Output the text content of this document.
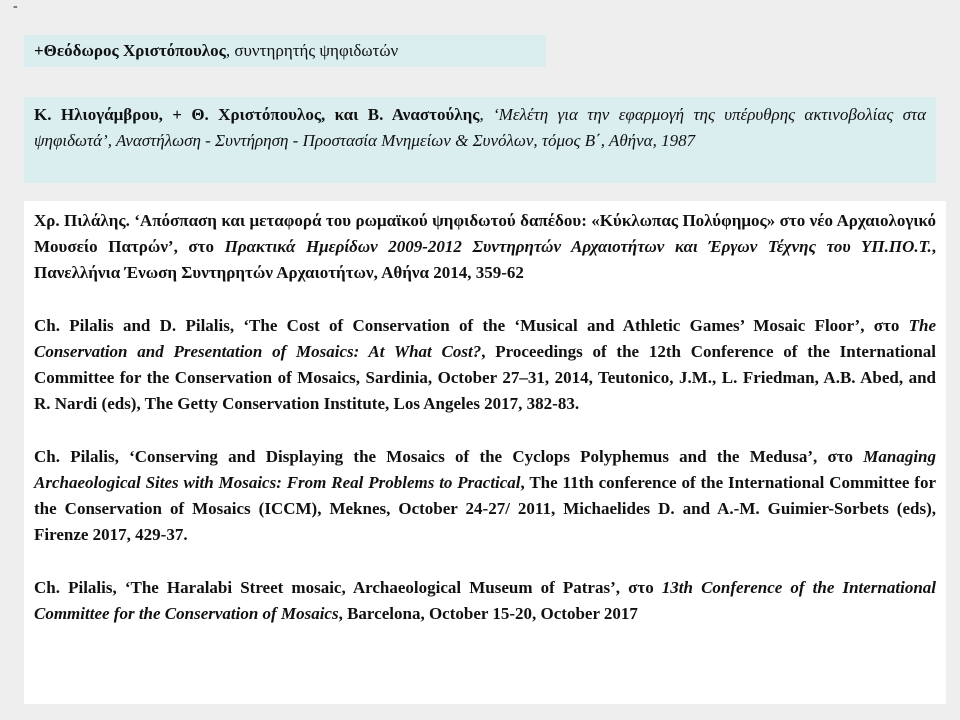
-
+Θεόδωρος Χριστόπουλος, συντηρητής ψηφιδωτών
Κ. Ηλιογάμβρου, + Θ. Χριστόπουλος, και Β. Αναστούλης, ‘Μελέτη για την εφαρμογή της υπέρυθρης ακτινοβολίας στα ψηφιδωτά’, Αναστήλωση - Συντήρηση - Προστασία Μνημείων & Συνόλων, τόμος Β΄, Αθήνα, 1987

Χρ. Πιλάλης. ‘Απόσπαση και μεταφορά του ρωμαϊκού ψηφιδωτού δαπέδου: «Κύκλωπας Πολύφημος» στο νέο Αρχαιολογικό Μουσείο Πατρών’, στο Πρακτικά Ημερίδων 2009-2012 Συντηρητών Αρχαιοτήτων και Έργων Τέχνης του ΥΠ.ΠΟ.Τ., Πανελλήνια Ένωση Συντηρητών Αρχαιοτήτων, Αθήνα 2014, 359-62

Ch. Pilalis and D. Pilalis, ‘The Cost of Conservation of the ‘Musical and Athletic Games’ Mosaic Floor’, στο The Conservation and Presentation of Mosaics: At What Cost?, Proceedings of the 12th Conference of the International Committee for the Conservation of Mosaics, Sardinia, October 27–31, 2014, Teutonico, J.M., L. Friedman, A.B. Abed, and R. Nardi (eds), The Getty Conservation Institute, Los Angeles 2017, 382-83.

Ch. Pilalis, ‘Conserving and Displaying the Mosaics of the Cyclops Polyphemus and the Medusa’, στο Managing Archaeological Sites with Mosaics: From Real Problems to Practical, The 11th conference of the International Committee for the Conservation of Mosaics (ICCM), Meknes, October 24-27/ 2011, Michaelides D. and A.-M. Guimier-Sorbets (eds), Firenze 2017, 429-37.

Ch. Pilalis, ‘The Haralabi Street mosaic, Archaeological Museum of Patras’, στο 13th Conference of the International Committee for the Conservation of Mosaics, Barcelona, October 15-20, October 2017
